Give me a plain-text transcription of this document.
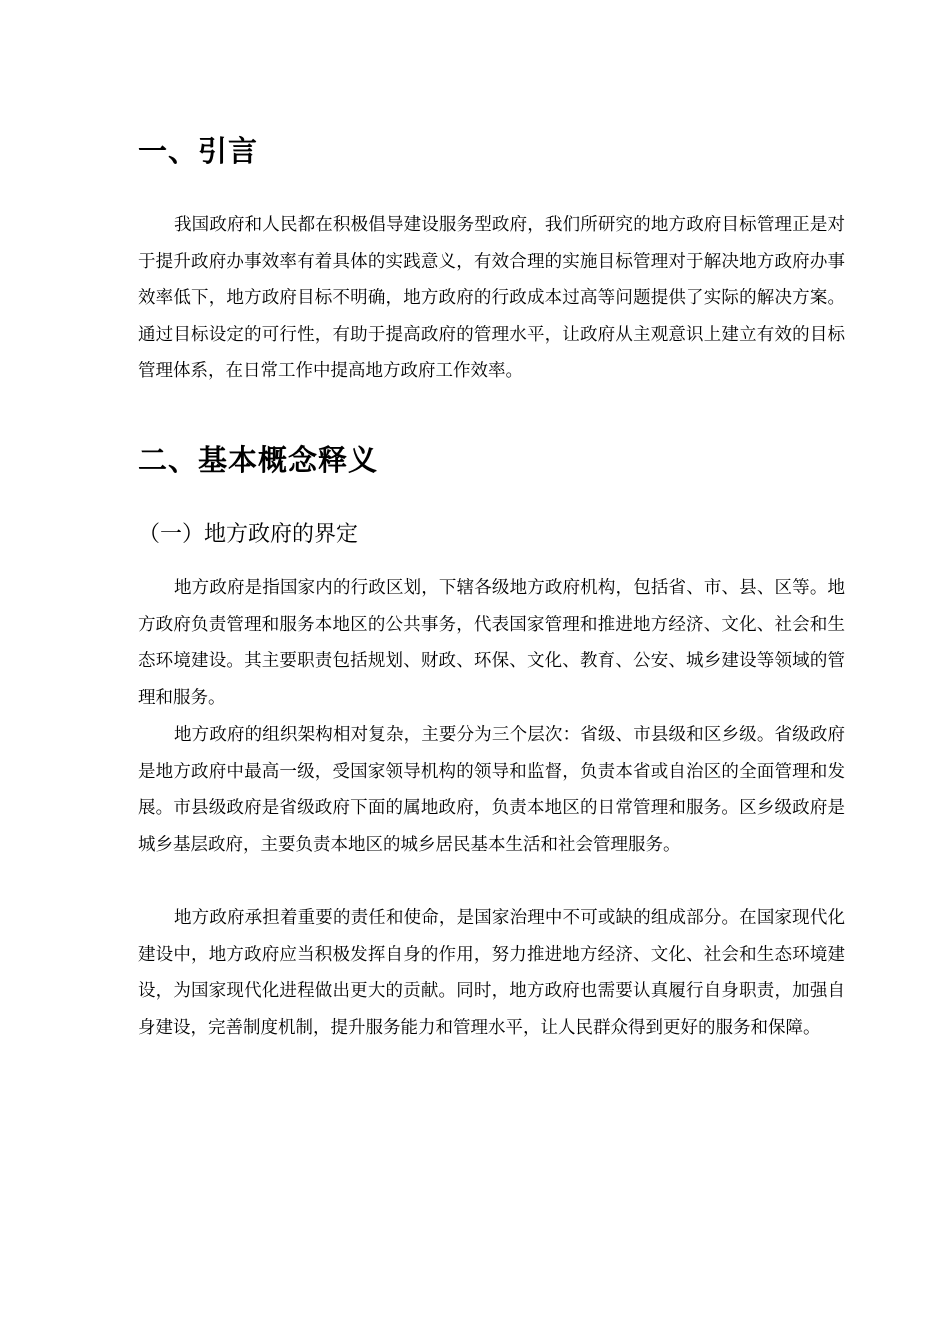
一、引言

我国政府和人民都在积极倡导建设服务型政府，我们所研究的地方政府目标管理正是对于提升政府办事效率有着具体的实践意义，有效合理的实施目标管理对于解决地方政府办事效率低下，地方政府目标不明确，地方政府的行政成本过高等问题提供了实际的解决方案。通过目标设定的可行性，有助于提高政府的管理水平，让政府从主观意识上建立有效的目标管理体系，在日常工作中提高地方政府工作效率。

二、基本概念释义
（一）地方政府的界定

地方政府是指国家内的行政区划，下辖各级地方政府机构，包括省、市、县、区等。地方政府负责管理和服务本地区的公共事务，代表国家管理和推进地方经济、文化、社会和生态环境建设。其主要职责包括规划、财政、环保、文化、教育、公安、城乡建设等领域的管理和服务。

地方政府的组织架构相对复杂，主要分为三个层次：省级、市县级和区乡级。省级政府是地方政府中最高一级，受国家领导机构的领导和监督，负责本省或自治区的全面管理和发展。市县级政府是省级政府下面的属地政府，负责本地区的日常管理和服务。区乡级政府是城乡基层政府，主要负责本地区的城乡居民基本生活和社会管理服务。

地方政府承担着重要的责任和使命，是国家治理中不可或缺的组成部分。在国家现代化建设中，地方政府应当积极发挥自身的作用，努力推进地方经济、文化、社会和生态环境建设，为国家现代化进程做出更大的贡献。同时，地方政府也需要认真履行自身职责，加强自身建设，完善制度机制，提升服务能力和管理水平，让人民群众得到更好的服务和保障。
